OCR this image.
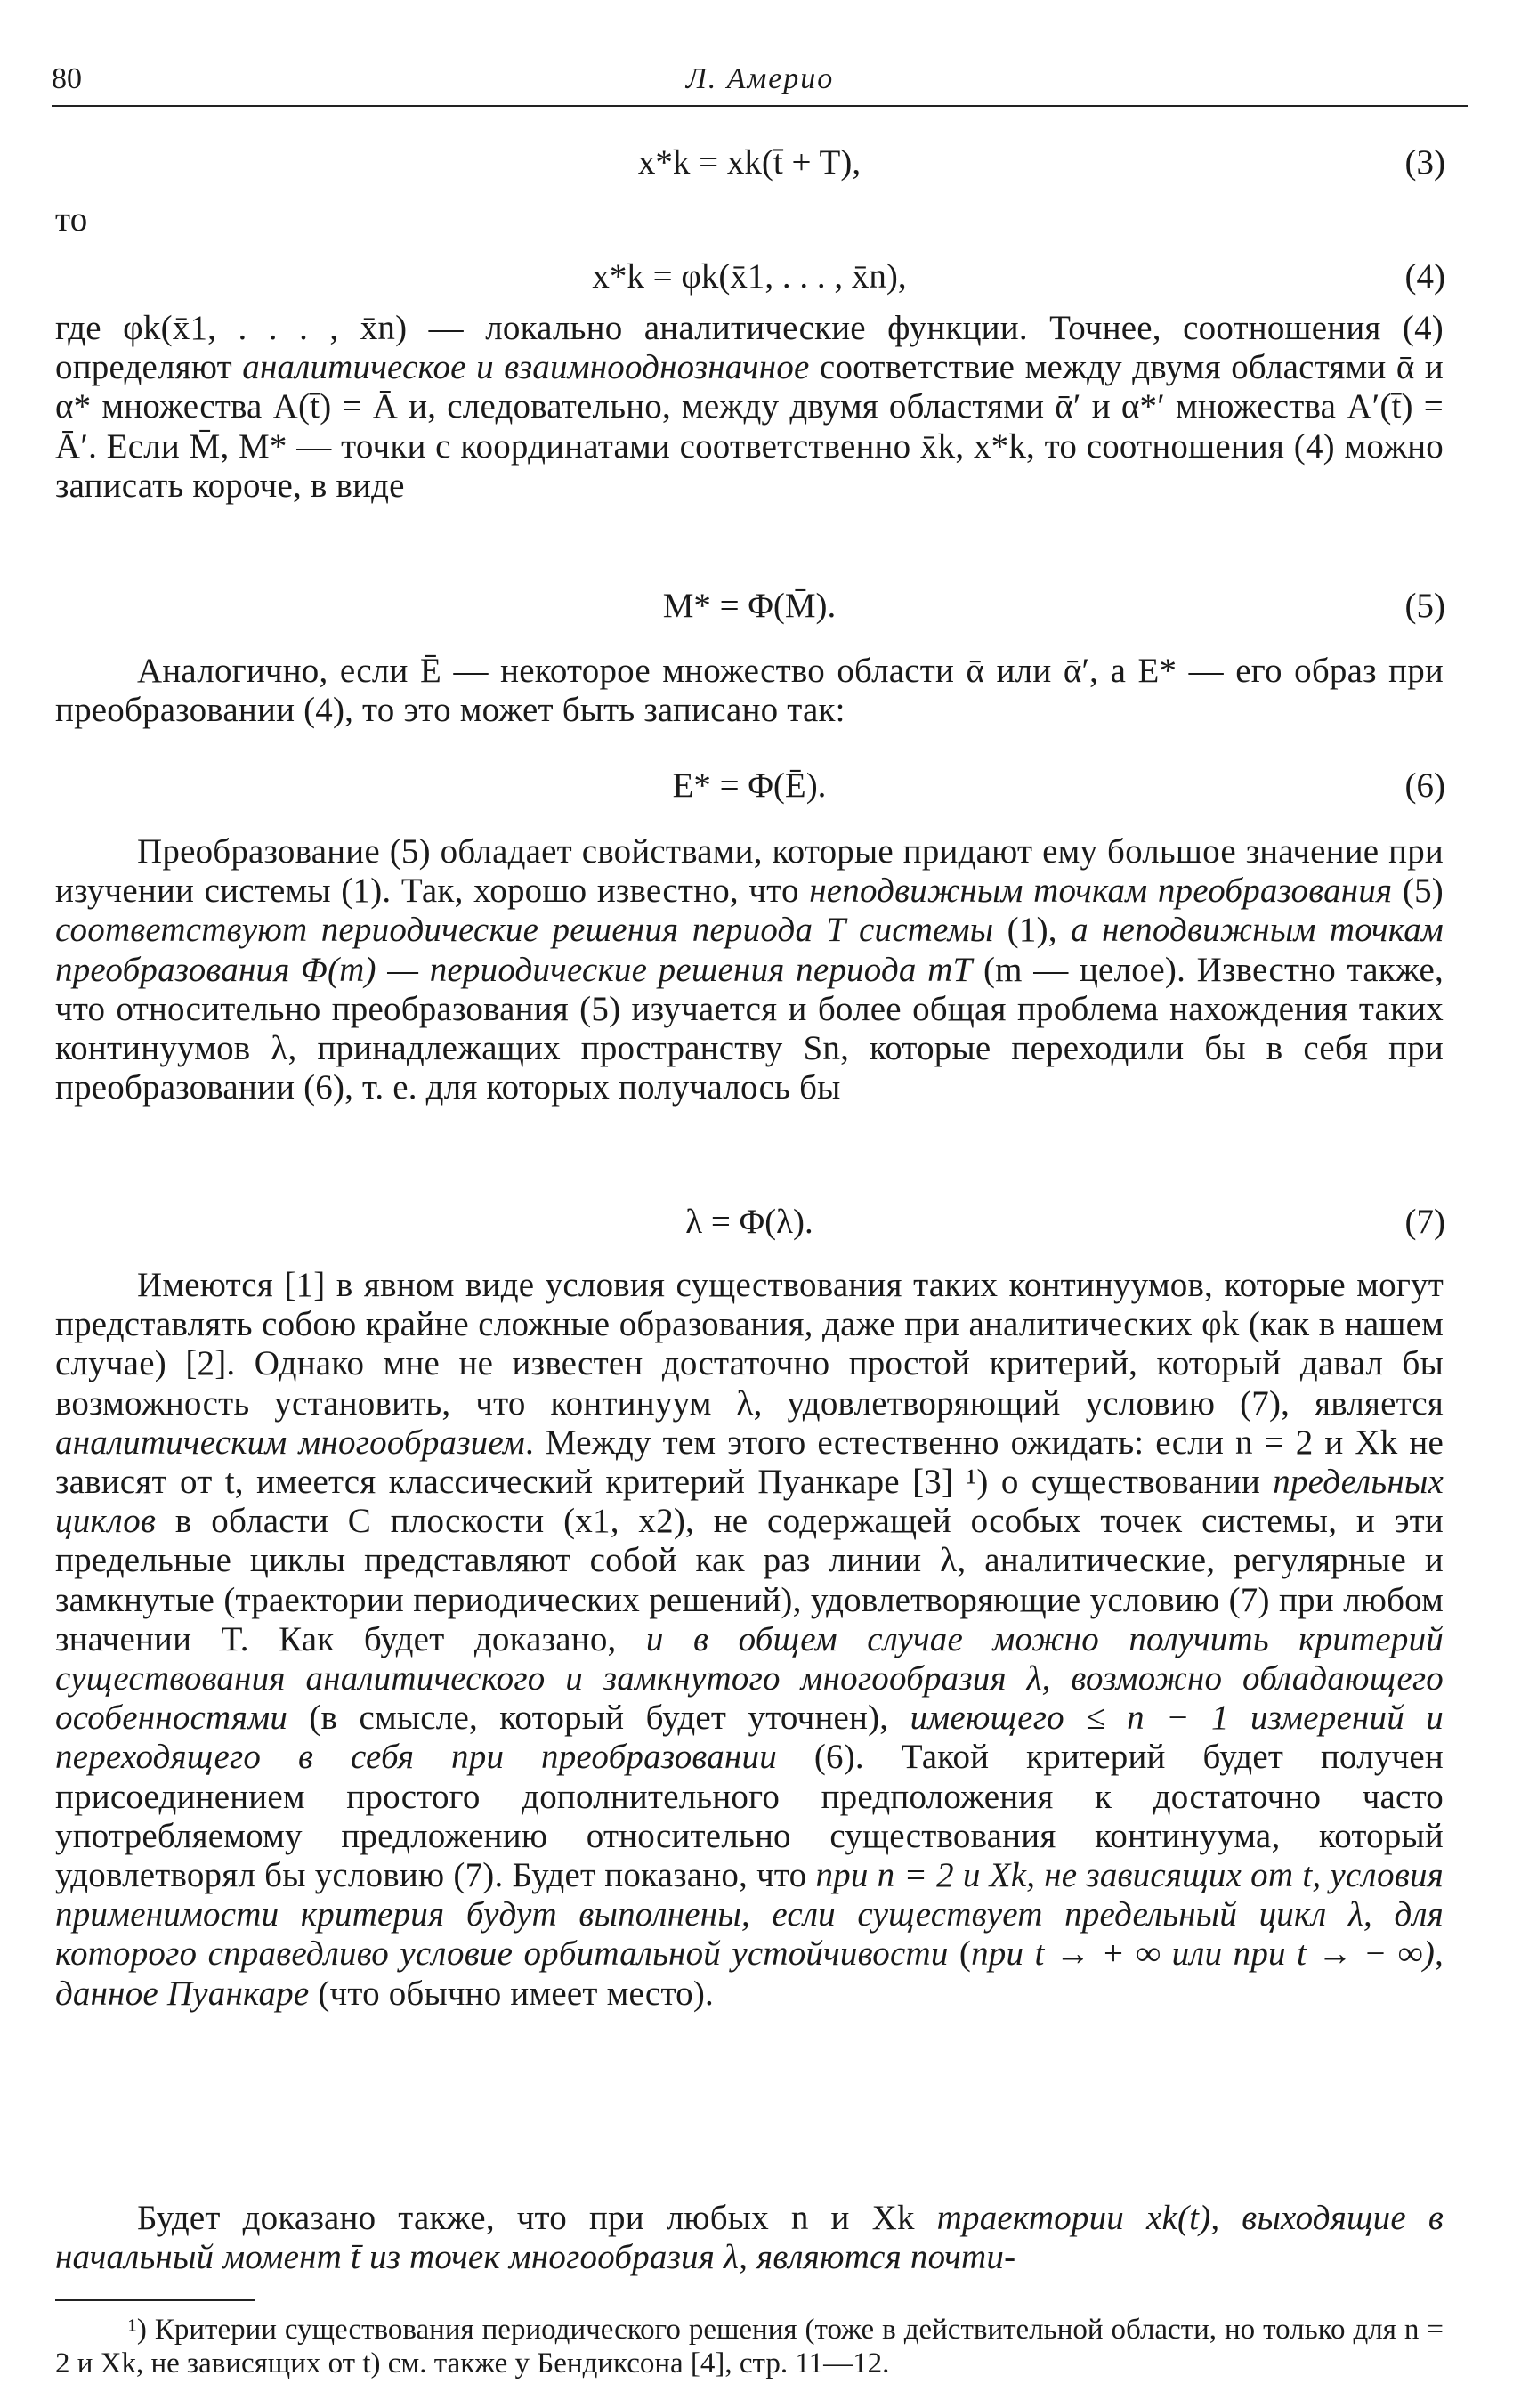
80	Л. Америо
x*k = xk(t̄ + T),	(3)

то

x*k = φk(x̄1, . . . , x̄n),	(4)

где φk(x̄1, . . . , x̄n) — локально аналитические функции. Точнее, соотношения (4) определяют аналитическое и взаимнооднозначное соответствие между двумя областями ᾱ и α* множества A(t̄) = Ā и, следовательно, между двумя областями ᾱ′ и α*′ множества A′(t̄) = Ā′. Если M̄, M* — точки с координатами соответственно x̄k, x*k, то соотношения (4) можно записать короче, в виде

M* = Φ(M̄).	(5)

Аналогично, если Ē — некоторое множество области ᾱ или ᾱ′, а E* — его образ при преобразовании (4), то это может быть записано так:

E* = Φ(Ē).	(6)

Преобразование (5) обладает свойствами, которые придают ему большое значение при изучении системы (1). Так, хорошо известно, что неподвижным точкам преобразования (5) соответствуют периодические решения периода T системы (1), а неподвижным точкам преобразования Φ(m) — периодические решения периода mT (m — целое). Известно также, что относительно преобразования (5) изучается и более общая проблема нахождения таких континуумов λ, принадлежащих пространству Sn, которые переходили бы в себя при преобразовании (6), т. е. для которых получалось бы

λ = Φ(λ).	(7)

Имеются [1] в явном виде условия существования таких континуумов, которые могут представлять собою крайне сложные образования, даже при аналитических φk (как в нашем случае) [2]. Однако мне не известен достаточно простой критерий, который давал бы возможность установить, что континуум λ, удовлетворяющий условию (7), является аналитическим многообразием. Между тем этого естественно ожидать: если n = 2 и Xk не зависят от t, имеется классический критерий Пуанкаре [3] ¹) о существовании предельных циклов в области C плоскости (x1, x2), не содержащей особых точек системы, и эти предельные циклы представляют собой как раз линии λ, аналитические, регулярные и замкнутые (траектории периодических решений), удовлетворяющие условию (7) при любом значении T. Как будет доказано, и в общем случае можно получить критерий существования аналитического и замкнутого многообразия λ, возможно обладающего особенностями (в смысле, который будет уточнен), имеющего ≤ n − 1 измерений и переходящего в себя при преобразовании (6). Такой критерий будет получен присоединением простого дополнительного предположения к достаточно часто употребляемому предложению относительно существования континуума, который удовлетворял бы условию (7). Будет показано, что при n = 2 и Xk, не зависящих от t, условия применимости критерия будут выполнены, если существует предельный цикл λ, для которого справедливо условие орбитальной устойчивости (при t → + ∞ или при t → − ∞), данное Пуанкаре (что обычно имеет место).

Будет доказано также, что при любых n и Xk траектории xk(t), выходящие в начальный момент t̄ из точек многообразия λ, являются почти-

¹) Критерии существования периодического решения (тоже в действительной области, но только для n = 2 и Xk, не зависящих от t) см. также у Бендиксона [4], стр. 11—12.
